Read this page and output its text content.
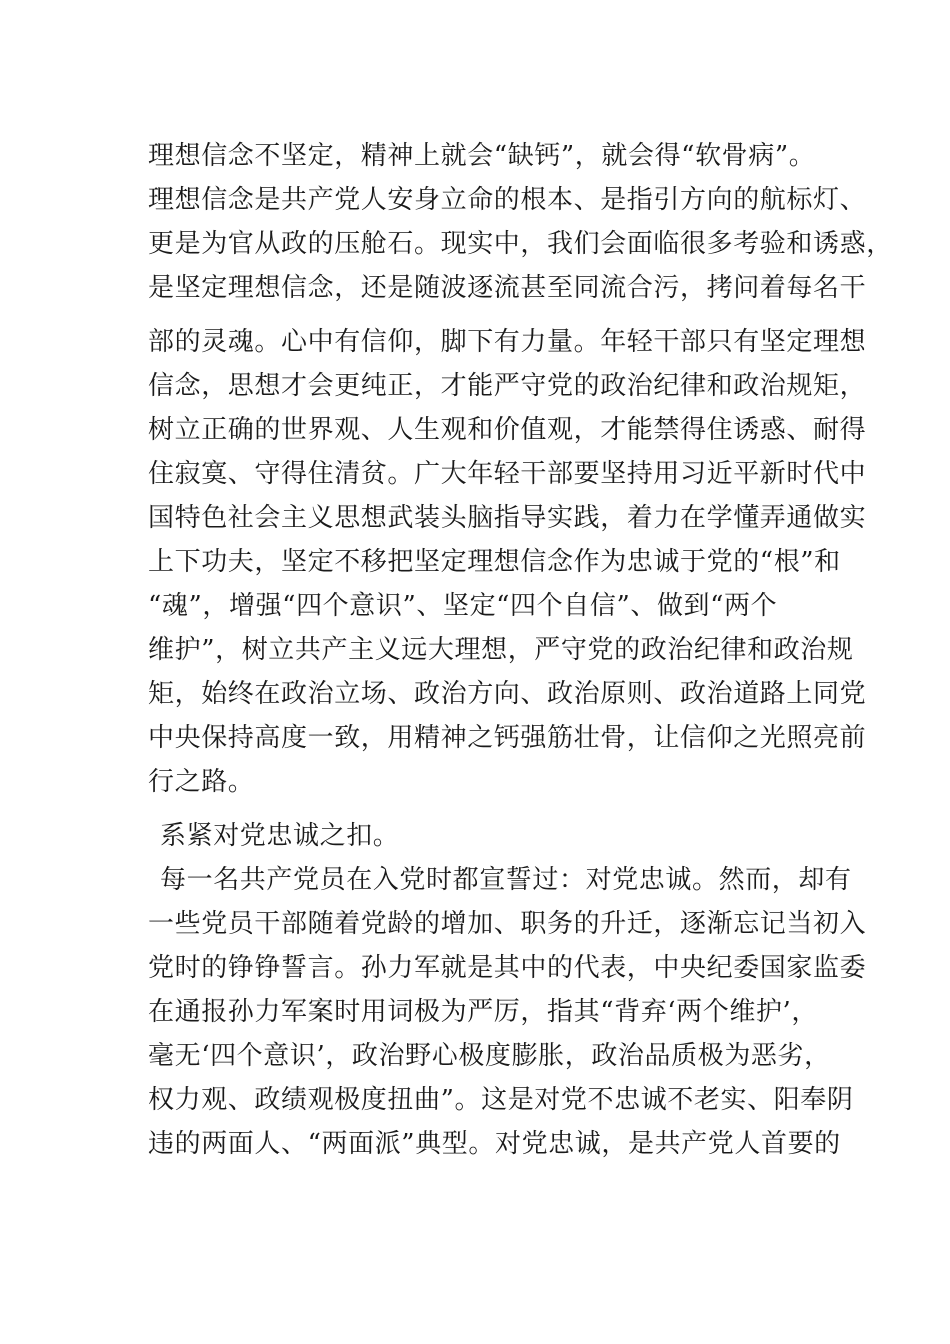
理想信念不坚定，精神上就会“缺钙”，就会得“软骨病”。
理想信念是共产党人安身立命的根本、是指引方向的航标灯、
更是为官从政的压舱石。现实中，我们会面临很多考验和诱惑，
是坚定理想信念，还是随波逐流甚至同流合污，拷问着每名干
部的灵魂。心中有信仰，脚下有力量。年轻干部只有坚定理想
信念，思想才会更纯正，才能严守党的政治纪律和政治规矩，
树立正确的世界观、人生观和价值观，才能禁得住诱惑、耐得
住寂寞、守得住清贫。广大年轻干部要坚持用习近平新时代中
国特色社会主义思想武装头脑指导实践，着力在学懂弄通做实
上下功夫，坚定不移把坚定理想信念作为忠诚于党的“根”和
“魂”，增强“四个意识”、坚定“四个自信”、做到“两个
维护”，树立共产主义远大理想，严守党的政治纪律和政治规
矩，始终在政治立场、政治方向、政治原则、政治道路上同党
中央保持高度一致，用精神之钙强筋壮骨，让信仰之光照亮前
行之路。
系紧对党忠诚之扣。
每一名共产党员在入党时都宣誓过：对党忠诚。然而，却有
一些党员干部随着党龄的增加、职务的升迁，逐渐忘记当初入
党时的铮铮誓言。孙力军就是其中的代表，中央纪委国家监委
在通报孙力军案时用词极为严厉，指其“背弃‘两个维护’，
毫无‘四个意识’，政治野心极度膨胀，政治品质极为恶劣，
权力观、政绩观极度扭曲”。这是对党不忠诚不老实、阳奉阴
违的两面人、“两面派”典型。对党忠诚，是共产党人首要的
